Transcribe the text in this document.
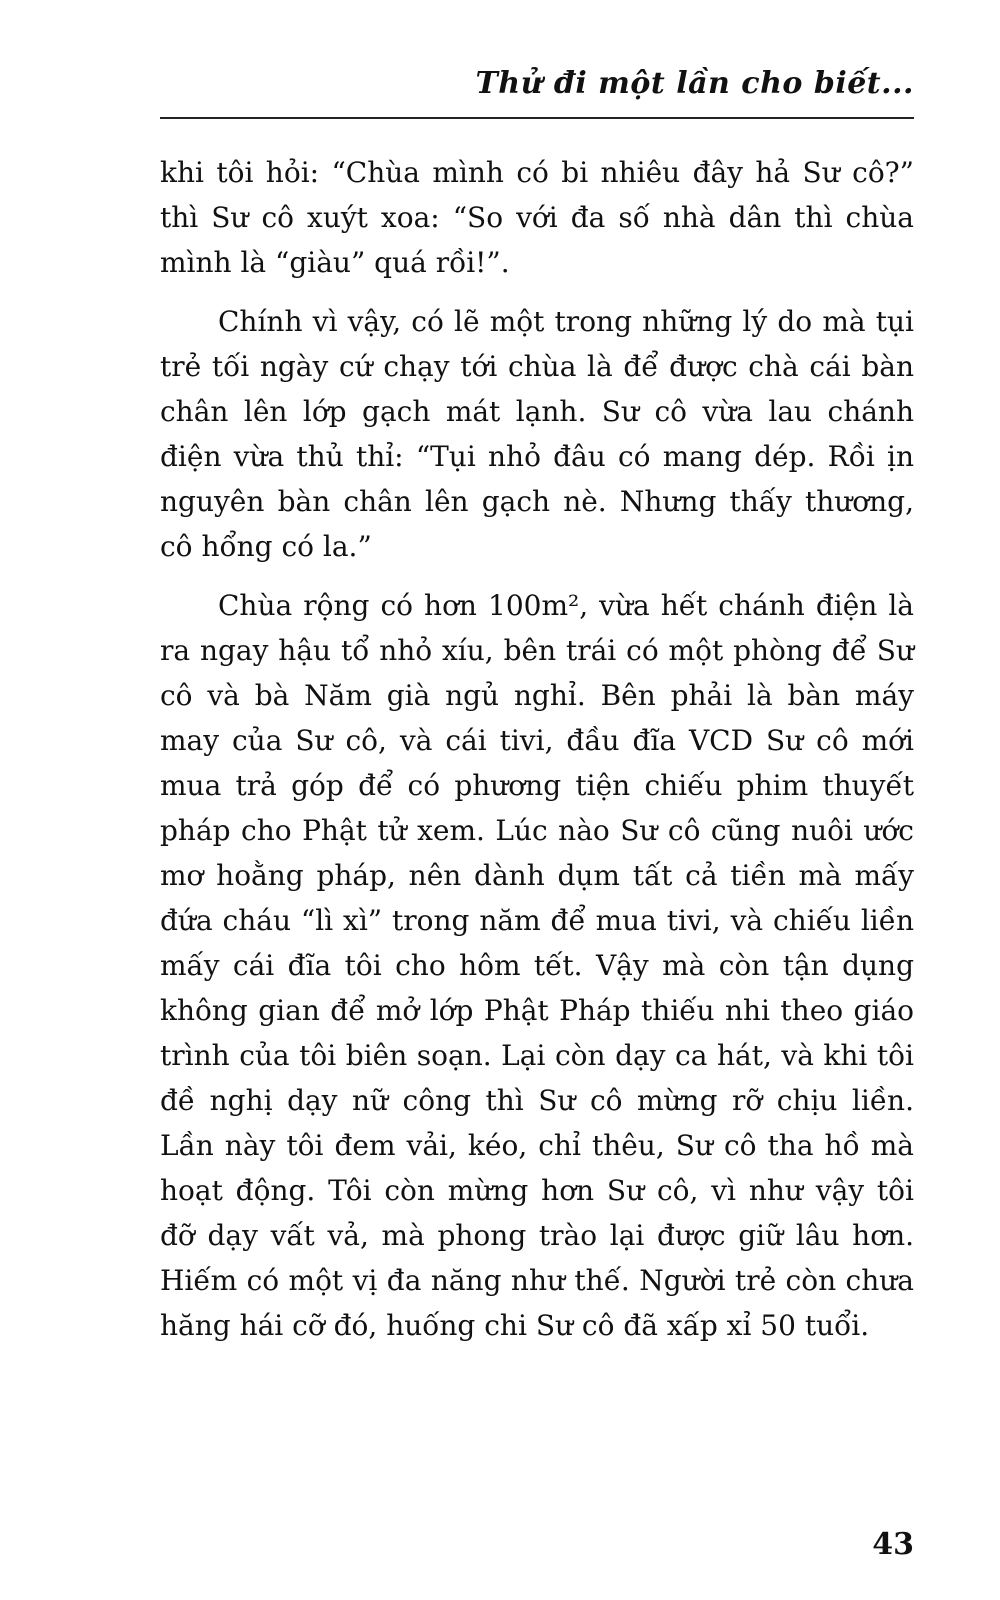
Thử đi một lần cho biết...

khi tôi hỏi: “Chùa mình có bi nhiêu đây hả Sư cô?” thì Sư cô xuýt xoa: “So với đa số nhà dân thì chùa mình là “giàu” quá rồi!”.

Chính vì vậy, có lẽ một trong những lý do mà tụi trẻ tối ngày cứ chạy tới chùa là để được chà cái bàn chân lên lớp gạch mát lạnh. Sư cô vừa lau chánh điện vừa thủ thỉ: “Tụi nhỏ đâu có mang dép. Rồi ịn nguyên bàn chân lên gạch nè. Nhưng thấy thương, cô hổng có la.”

Chùa rộng có hơn 100m², vừa hết chánh điện là ra ngay hậu tổ nhỏ xíu, bên trái có một phòng để Sư cô và bà Năm già ngủ nghỉ. Bên phải là bàn máy may của Sư cô, và cái tivi, đầu đĩa VCD Sư cô mới mua trả góp để có phương tiện chiếu phim thuyết pháp cho Phật tử xem. Lúc nào Sư cô cũng nuôi ước mơ hoằng pháp, nên dành dụm tất cả tiền mà mấy đứa cháu “lì xì” trong năm để mua tivi, và chiếu liền mấy cái đĩa tôi cho hôm tết. Vậy mà còn tận dụng không gian để mở lớp Phật Pháp thiếu nhi theo giáo trình của tôi biên soạn. Lại còn dạy ca hát, và khi tôi đề nghị dạy nữ công thì Sư cô mừng rỡ chịu liền. Lần này tôi đem vải, kéo, chỉ thêu, Sư cô tha hồ mà hoạt động. Tôi còn mừng hơn Sư cô, vì như vậy tôi đỡ dạy vất vả, mà phong trào lại được giữ lâu hơn. Hiếm có một vị đa năng như thế. Người trẻ còn chưa hăng hái cỡ đó, huống chi Sư cô đã xấp xỉ 50 tuổi.

43
